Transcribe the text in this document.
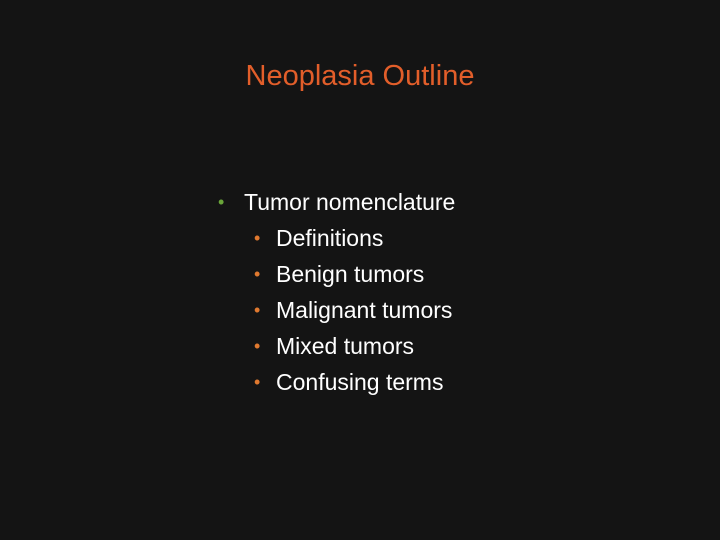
Neoplasia Outline
• Tumor nomenclature
• Definitions
• Benign tumors
• Malignant tumors
• Mixed tumors
• Confusing terms
